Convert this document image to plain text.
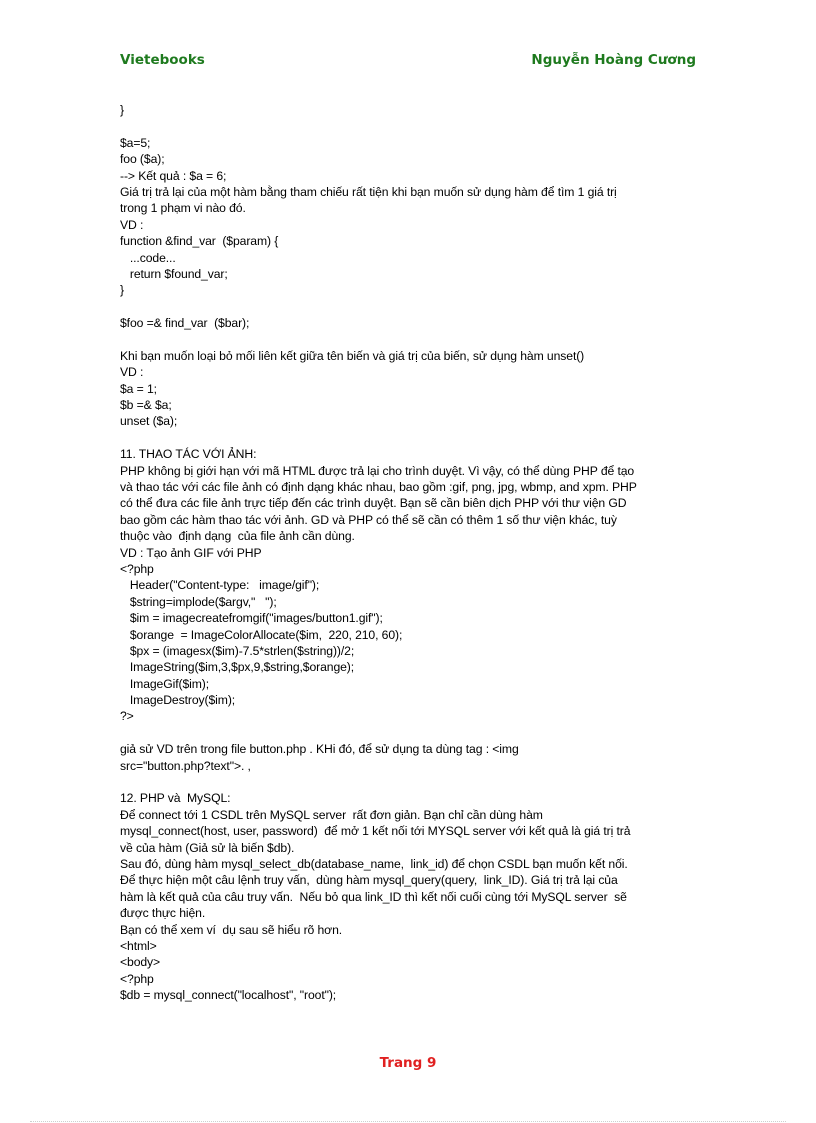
Vietebooks	Nguyễn Hoàng Cương
}
$a=5;
foo ($a);
--> Kết quả : $a = 6;
Giá trị trả lại của một hàm bằng tham chiếu rất tiện khi bạn muốn sử dụng hàm để tìm 1 giá trị
trong 1 phạm vi nào đó.
VD :
function &find_var  ($param) {
...code...
return $found_var;
}
$foo =& find_var  ($bar);
Khi bạn muốn loại bỏ mối liên kết giữa tên biến và giá trị của biến, sử dụng hàm unset()
VD :
$a = 1;
$b =& $a;
unset ($a);
11. THAO TÁC VỚI ẢNH:
PHP không bị giới hạn với mã HTML được trả lại cho trình duyệt. Vì vậy, có thể dùng PHP để tạo
và thao tác với các file ảnh có định dạng khác nhau, bao gồm :gif, png, jpg, wbmp, and xpm. PHP
có thể đưa các file ảnh trực tiếp đến các trình duyệt. Bạn sẽ cần biên dịch PHP với thư viện GD
bao gồm các hàm thao tác với ảnh. GD và PHP có thể sẽ cần có thêm 1 số thư viện khác, tuỳ
thuộc vào  định dạng  của file ảnh cần dùng.
VD : Tạo ảnh GIF với PHP
<?php
Header("Content-type:   image/gif");
$string=implode($argv,"   ");
$im = imagecreatefromgif("images/button1.gif");
$orange  = ImageColorAllocate($im,  220, 210, 60);
$px = (imagesx($im)-7.5*strlen($string))/2;
ImageString($im,3,$px,9,$string,$orange);
ImageGif($im);
ImageDestroy($im);
?>
giả sử VD trên trong file button.php . KHi đó, để sử dụng ta dùng tag : <img
src="button.php?text">. ,
12. PHP và  MySQL:
Để connect tới 1 CSDL trên MySQL server  rất đơn giản. Bạn chỉ cần dùng hàm
mysql_connect(host, user, password)  để mở 1 kết nối tới MYSQL server với kết quả là giá trị trả
về của hàm (Giả sử là biến $db).
Sau đó, dùng hàm mysql_select_db(database_name,  link_id) để chọn CSDL bạn muốn kết nối.
Để thực hiện một câu lệnh truy vấn,  dùng hàm mysql_query(query,  link_ID). Giá trị trả lại của
hàm là kết quả của câu truy vấn.  Nếu bỏ qua link_ID thì kết nối cuối cùng tới MySQL server  sẽ
được thực hiện.
Bạn có thể xem ví  dụ sau sẽ hiểu rõ hơn.
<html>
<body>
<?php
$db = mysql_connect("localhost", "root");
Trang 9
